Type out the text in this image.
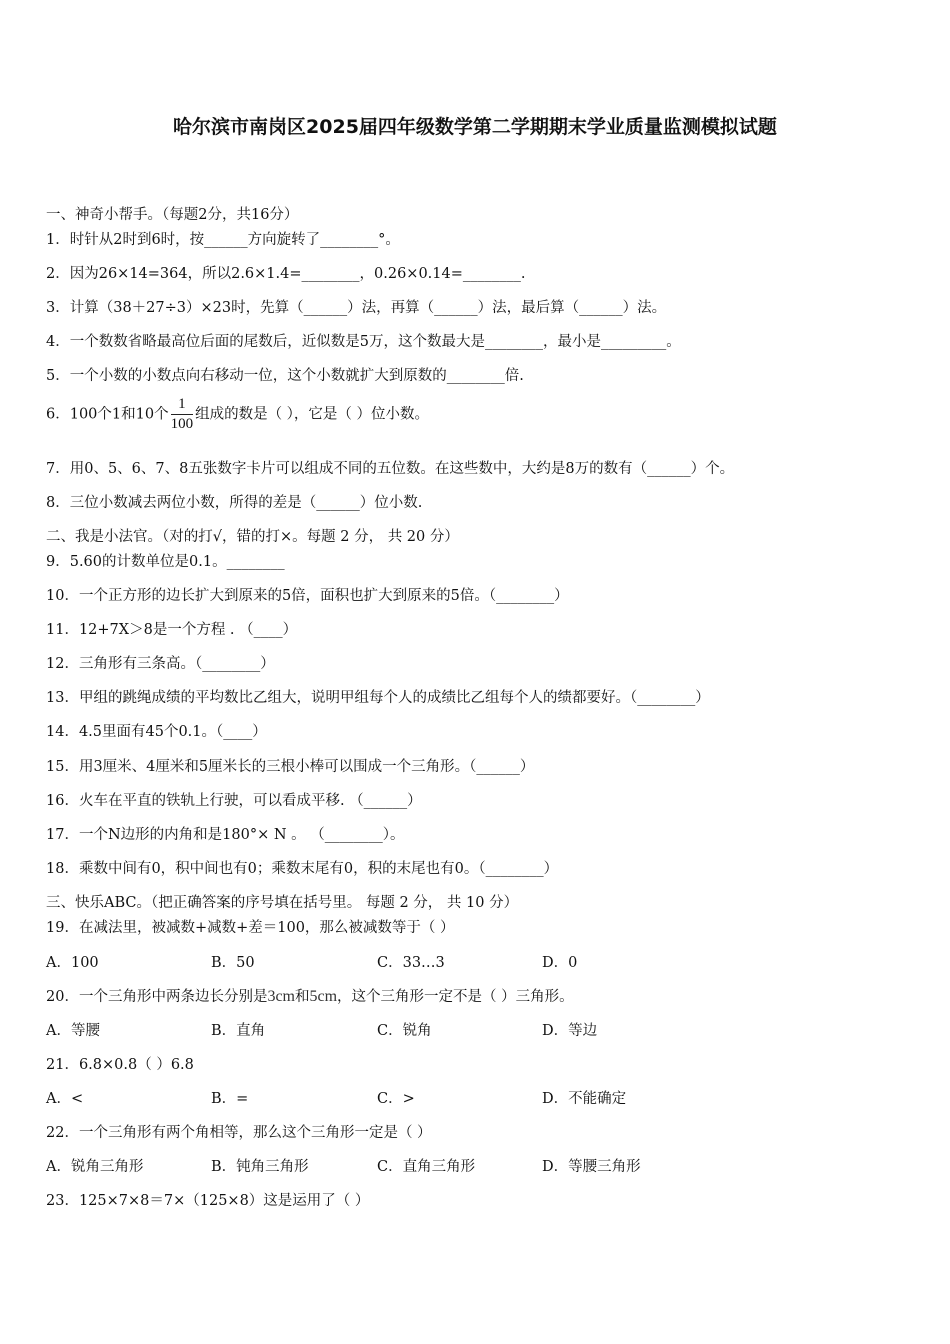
哈尔滨市南岗区2025届四年级数学第二学期期末学业质量监测模拟试题
一、神奇小帮手。（每题2分，共16分）
1．时针从2时到6时，按______方向旋转了________°。
2．因为26×14=364，所以2.6×1.4=________，0.26×0.14=________.
3．计算（38＋27÷3）×23时，先算（______）法，再算（______）法，最后算（______）法。
4．一个数数省略最高位后面的尾数后，近似数是5万，这个数最大是________，最小是_________。
5．一个小数的小数点向右移动一位，这个小数就扩大到原数的________倍.
6．100个1和10个 $\frac{1}{100}$ 组成的数是（ ），它是（ ）位小数。
7．用0、5、6、7、8五张数字卡片可以组成不同的五位数。在这些数中，大约是8万的数有（______）个。
8．三位小数减去两位小数，所得的差是（______）位小数.
二、我是小法官。（对的打√，错的打×。每题 2 分， 共 20 分）
9．5.60的计数单位是0.1。________
10．一个正方形的边长扩大到原来的5倍，面积也扩大到原来的5倍。（________）
11．12+7X＞8是一个方程 . （____）
12．三角形有三条高。（________）
13．甲组的跳绳成绩的平均数比乙组大，说明甲组每个人的成绩比乙组每个人的绩都要好。（________）
14．4.5里面有45个0.1。（____）
15．用3厘米、4厘米和5厘米长的三根小棒可以围成一个三角形。（______）
16．火车在平直的铁轨上行驶，可以看成平移. （______）
17．一个N边形的内角和是180°× N 。 （________）。
18．乘数中间有0，积中间也有0；乘数末尾有0，积的末尾也有0。（________）
三、快乐ABC。（把正确答案的序号填在括号里。 每题 2 分， 共 10 分）
19．在减法里，被减数+减数+差＝100，那么被减数等于（ ）
A．100	B．50	C．33…3	D．0
20．一个三角形中两条边长分别是3cm和5cm，这个三角形一定不是（ ）三角形。
A．等腰	B．直角	C．锐角	D．等边
21．6.8×0.8（ ）6.8
A．<	B．=	C．>	D．不能确定
22．一个三角形有两个角相等，那么这个三角形一定是（ ）
A．锐角三角形	B．钝角三角形	C．直角三角形	D．等腰三角形
23．125×7×8＝7×（125×8）这是运用了（ ）
